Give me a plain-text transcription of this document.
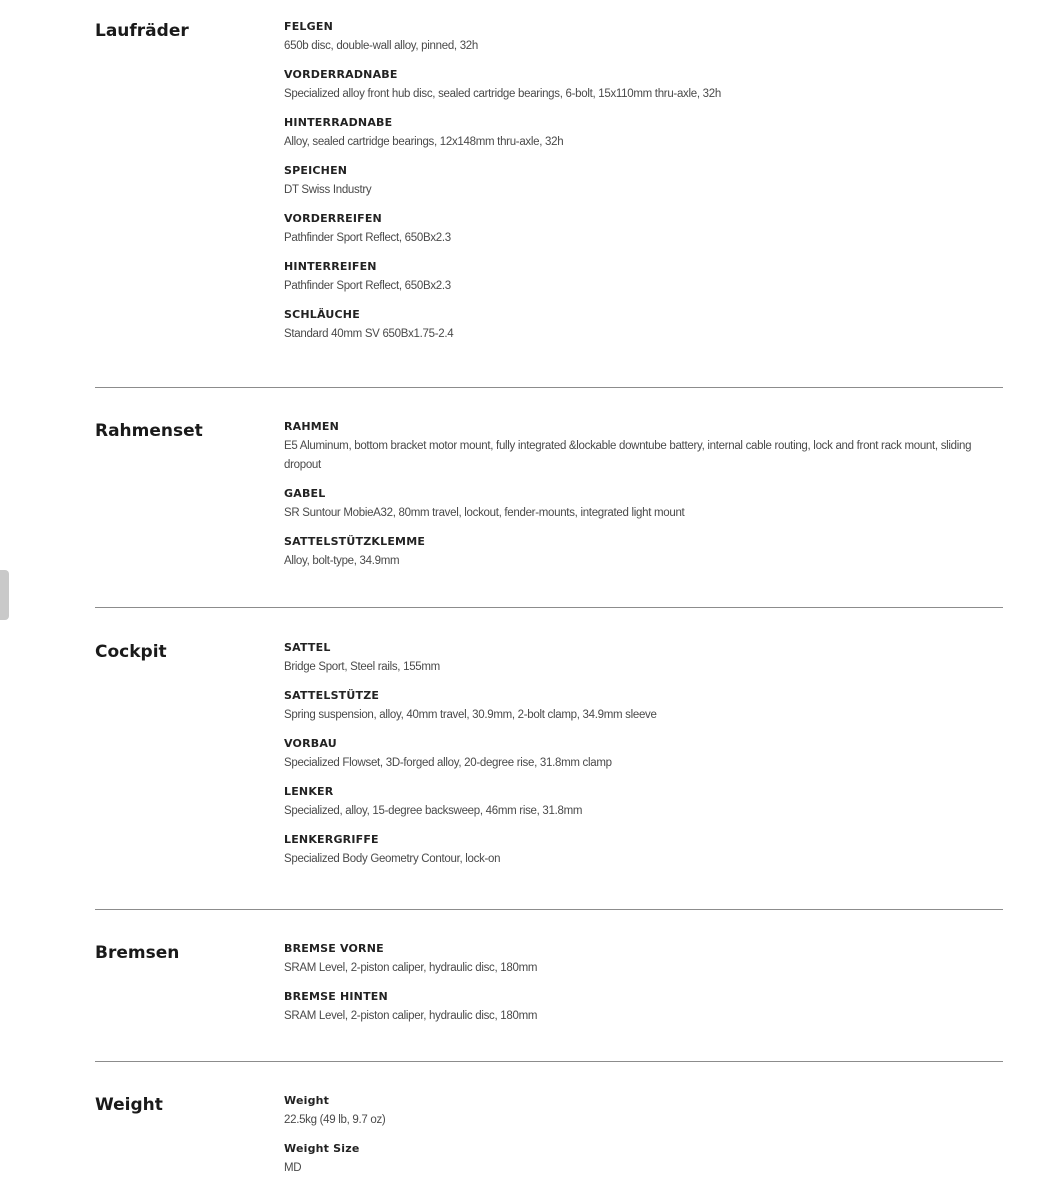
Laufräder	FELGEN
650b disc, double-wall alloy, pinned, 32h
VORDERRADNABE
Specialized alloy front hub disc, sealed cartridge bearings, 6-bolt, 15x110mm thru-axle, 32h
HINTERRADNABE
Alloy, sealed cartridge bearings, 12x148mm thru-axle, 32h
SPEICHEN
DT Swiss Industry
VORDERREIFEN
Pathfinder Sport Reflect, 650Bx2.3
HINTERREIFEN
Pathfinder Sport Reflect, 650Bx2.3
SCHLÄUCHE
Standard 40mm SV 650Bx1.75-2.4
Rahmenset	RAHMEN
E5 Aluminum, bottom bracket motor mount, fully integrated &lockable downtube battery, internal cable routing, lock and front rack mount, sliding dropout
GABEL
SR Suntour MobieA32, 80mm travel, lockout, fender-mounts, integrated light mount
SATTELSTÜTZKLEMME
Alloy, bolt-type, 34.9mm
Cockpit	SATTEL
Bridge Sport, Steel rails, 155mm
SATTELSTÜTZE
Spring suspension, alloy, 40mm travel, 30.9mm, 2-bolt clamp, 34.9mm sleeve
VORBAU
Specialized Flowset, 3D-forged alloy, 20-degree rise, 31.8mm clamp
LENKER
Specialized, alloy, 15-degree backsweep, 46mm rise, 31.8mm
LENKERGRIFFE
Specialized Body Geometry Contour, lock-on
Bremsen	BREMSE VORNE
SRAM Level, 2-piston caliper, hydraulic disc, 180mm
BREMSE HINTEN
SRAM Level, 2-piston caliper, hydraulic disc, 180mm
Weight	Weight
22.5kg (49 lb, 9.7 oz)
Weight Size
MD
